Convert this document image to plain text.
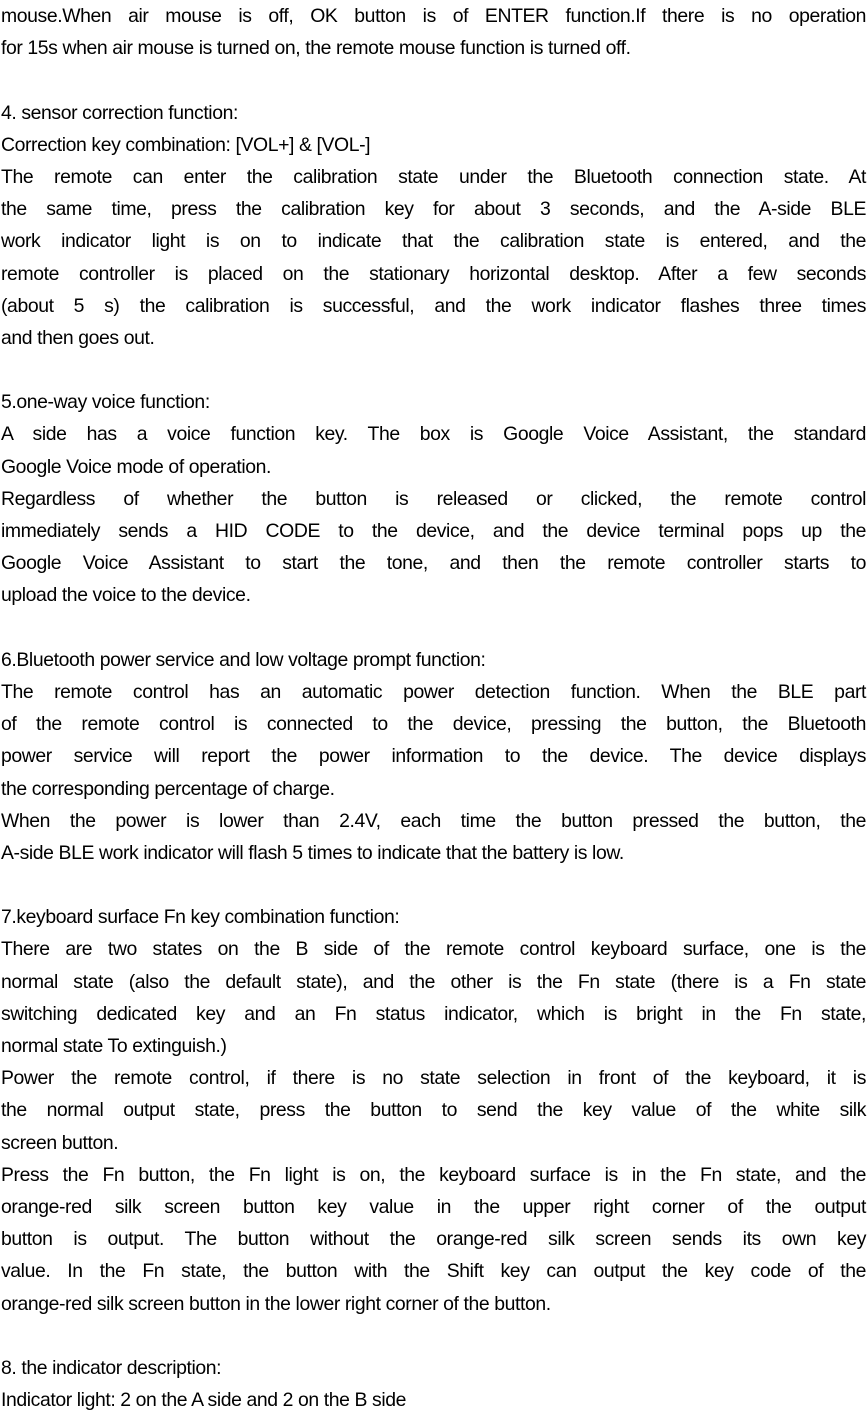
mouse.When air mouse is off, OK button is of ENTER function.If there is no operation
for 15s when air mouse is turned on, the remote mouse function is turned off.
4. sensor correction function:
Correction key combination: [VOL+] & [VOL-]
The remote can enter the calibration state under the Bluetooth connection state. At
the same time, press the calibration key for about 3 seconds, and the A-side BLE
work indicator light is on to indicate that the calibration state is entered, and the
remote controller is placed on the stationary horizontal desktop. After a few seconds
(about 5 s) the calibration is successful, and the work indicator flashes three times
and then goes out.
5.one-way voice function:
A side has a voice function key. The box is Google Voice Assistant, the standard
Google Voice mode of operation.
Regardless of whether the button is released or clicked, the remote control
immediately sends a HID CODE to the device, and the device terminal pops up the
Google Voice Assistant to start the tone, and then the remote controller starts to
upload the voice to the device.
6.Bluetooth power service and low voltage prompt function:
The remote control has an automatic power detection function. When the BLE part
of the remote control is connected to the device, pressing the button, the Bluetooth
power service will report the power information to the device. The device displays
the corresponding percentage of charge.
When the power is lower than 2.4V, each time the button pressed the button, the
A-side BLE work indicator will flash 5 times to indicate that the battery is low.
7.keyboard surface Fn key combination function:
There are two states on the B side of the remote control keyboard surface, one is the
normal state (also the default state), and the other is the Fn state (there is a Fn state
switching dedicated key and an Fn status indicator, which is bright in the Fn state,
normal state To extinguish.)
Power the remote control, if there is no state selection in front of the keyboard, it is
the normal output state, press the button to send the key value of the white silk
screen button.
Press the Fn button, the Fn light is on, the keyboard surface is in the Fn state, and the
orange-red silk screen button key value in the upper right corner of the output
button is output. The button without the orange-red silk screen sends its own key
value. In the Fn state, the button with the Shift key can output the key code of the
orange-red silk screen button in the lower right corner of the button.
8. the indicator description:
Indicator light: 2 on the A side and 2 on the B side
